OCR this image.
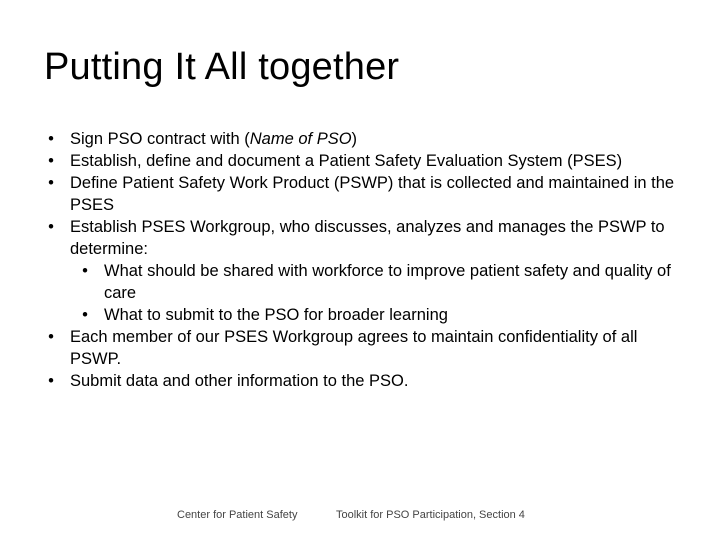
Putting It All together
• Sign PSO contract with (Name of PSO)
• Establish, define and document a Patient Safety Evaluation System (PSES)
• Define Patient Safety Work Product (PSWP) that is collected and maintained in the PSES
• Establish PSES Workgroup, who discusses, analyzes and manages the PSWP to determine:
• What should be shared with workforce to improve patient safety and quality of care
• What to submit to the PSO for broader learning
• Each member of our PSES Workgroup agrees to maintain confidentiality of all PSWP.
• Submit data and other information to the PSO.
Center for Patient Safety	Toolkit for PSO Participation, Section 4
